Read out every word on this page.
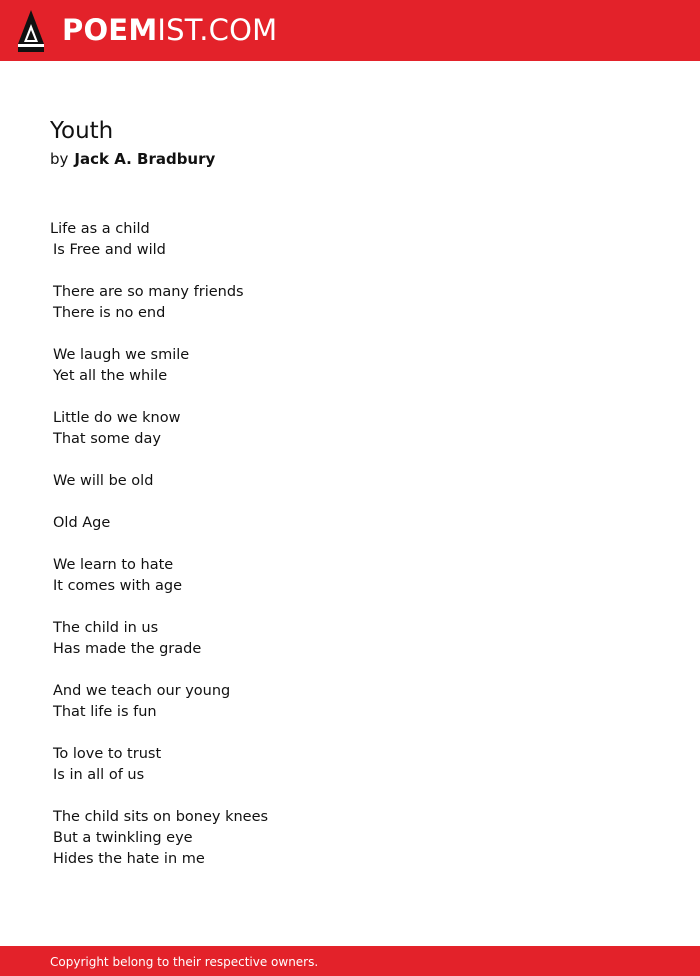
POEMIST.COM
Youth
by Jack A. Bradbury
Life as a child
Is Free and wild
There are so many friends
There is no end
We laugh we smile
Yet all the while
Little do we know
That some day
We will be old
Old Age
We learn to hate
It comes with age
The child in us
Has made the grade
And we teach our young
That life is fun
To love to trust
Is in all of us
The child sits on boney knees
But a twinkling eye
Hides the hate in me
Copyright belong to their respective owners.
